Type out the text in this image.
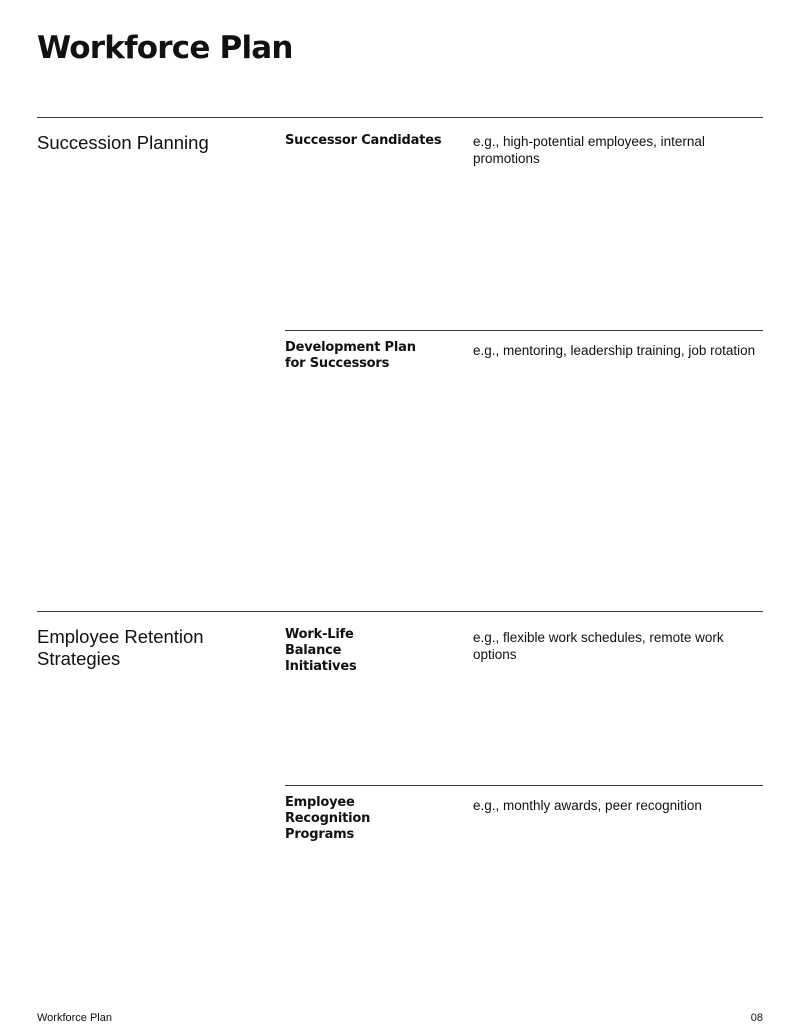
Workforce Plan
Succession Planning	Successor Candidates e.g., high-potential employees, internal
promotions
Development Plan
for Successors
e.g., mentoring, leadership training, job rotation
Employee Retention
Strategies
Work-Life
Balance
Initiatives
e.g., flexible work schedules, remote work options
Employee
Recognition
Programs
e.g., monthly awards, peer recognition
Workforce Plan	08
